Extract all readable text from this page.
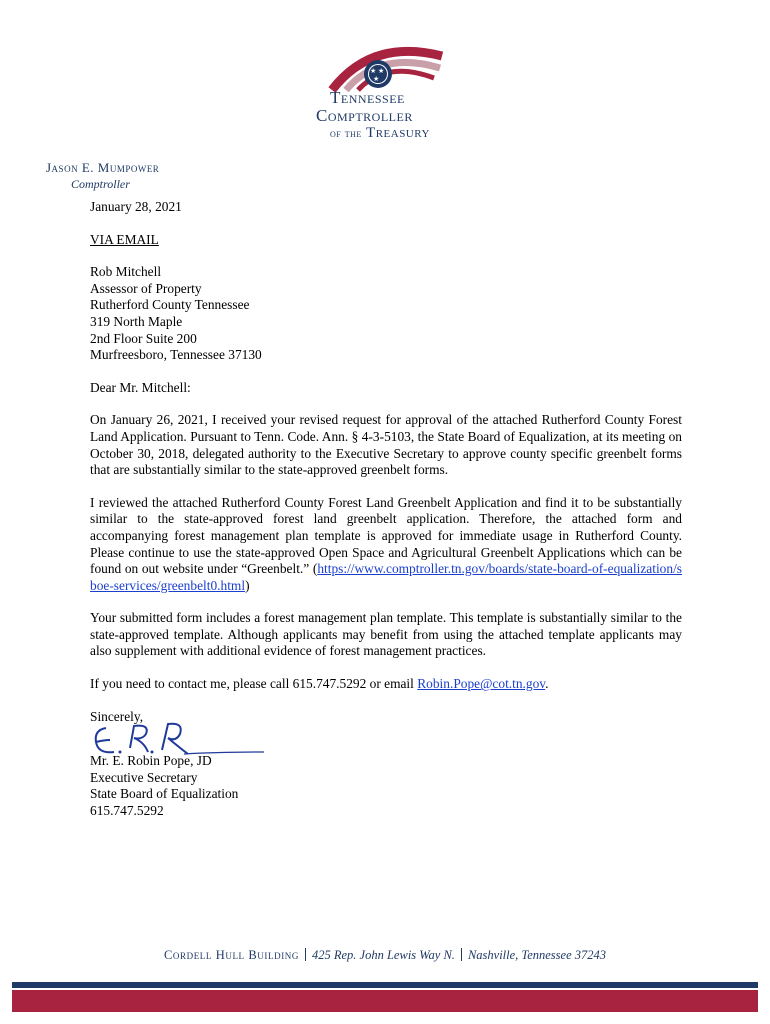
★ ★
★
Tennessee
Comptroller
of the Treasury
Jason E. Mumpower
Comptroller

January 28, 2021

VIA EMAIL

Rob Mitchell

Assessor of Property

Rutherford County Tennessee

319 North Maple

2nd Floor Suite 200

Murfreesboro, Tennessee 37130

Dear Mr. Mitchell:

On January 26, 2021, I received your revised request for approval of the attached Rutherford County Forest Land Application. Pursuant to Tenn. Code. Ann. § 4-3-5103, the State Board of Equalization, at its meeting on October 30, 2018, delegated authority to the Executive Secretary to approve county specific greenbelt forms that are substantially similar to the state-approved greenbelt forms.

I reviewed the attached Rutherford County Forest Land Greenbelt Application and find it to be substantially similar to the state-approved forest land greenbelt application. Therefore, the attached form and accompanying forest management plan template is approved for immediate usage in Rutherford County. Please continue to use the state-approved Open Space and Agricultural Greenbelt Applications which can be found on out website under “Greenbelt.” (https://www.comptroller.tn.gov/boards/state-board-of-equalization/sboe-services/greenbelt0.html)

Your submitted form includes a forest management plan template. This template is substantially similar to the state-approved template. Although applicants may benefit from using the attached template applicants may also supplement with additional evidence of forest management practices.

If you need to contact me, please call 615.747.5292 or email Robin.Pope@cot.tn.gov.

Sincerely,

Mr. E. Robin Pope, JD

Executive Secretary

State Board of Equalization

615.747.5292

Cordell Hull Building 425 Rep. John Lewis Way N. Nashville, Tennessee 37243
